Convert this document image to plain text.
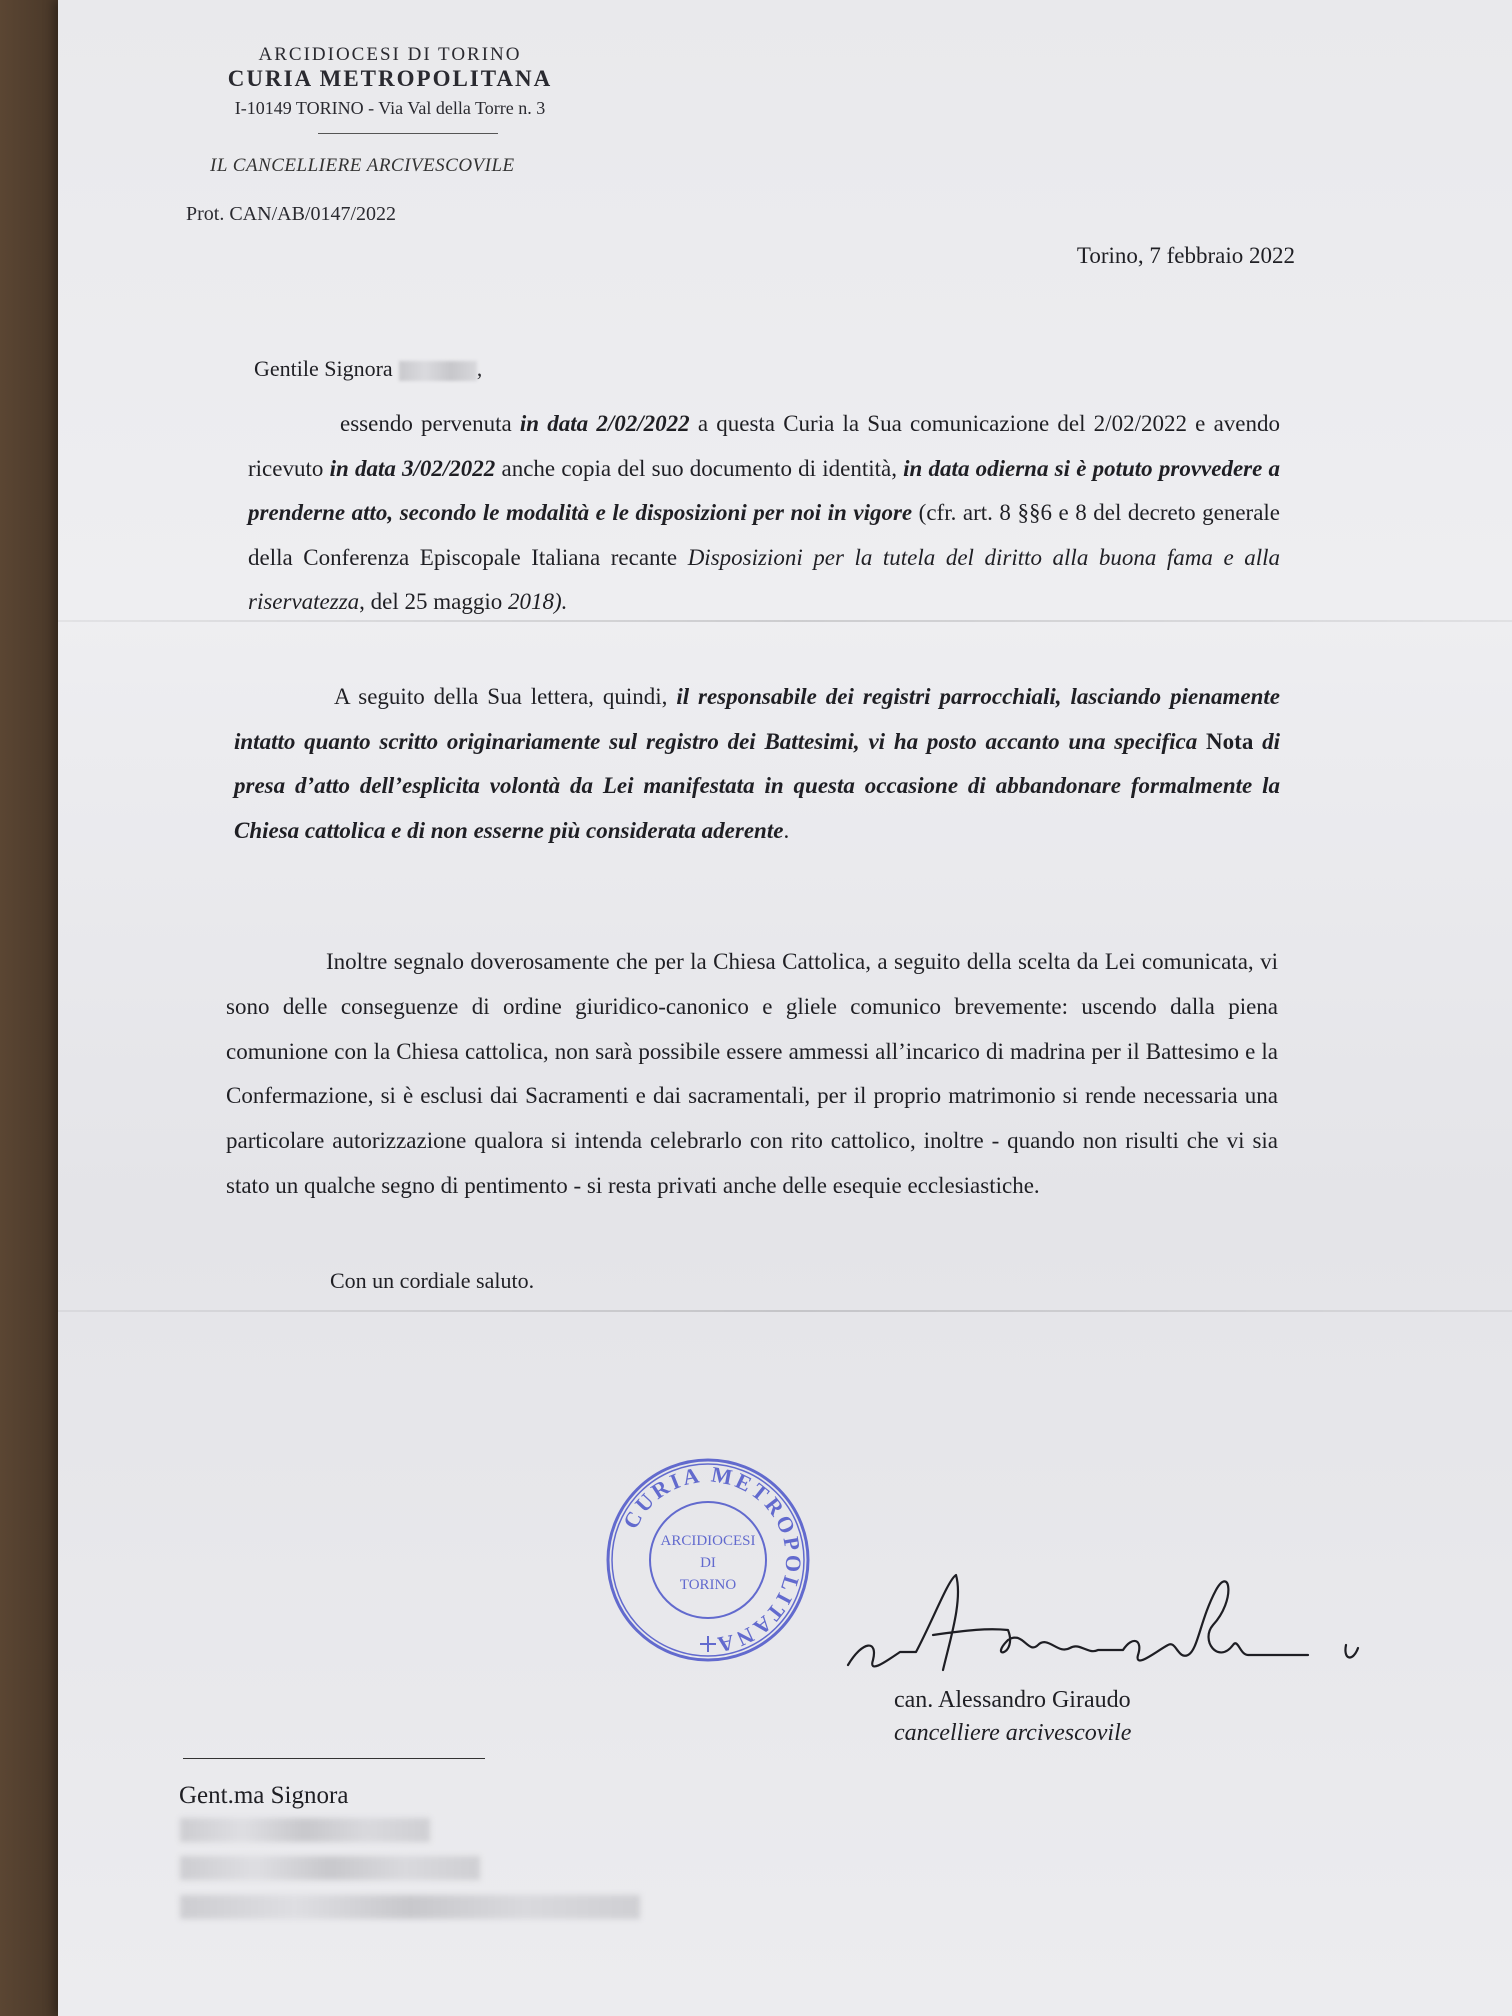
ARCIDIOCESI DI TORINO
CURIA METROPOLITANA
I-10149 TORINO - Via Val della Torre n. 3
IL CANCELLIERE ARCIVESCOVILE
Prot. CAN/AB/0147/2022
Torino, 7 febbraio 2022
Gentile Signora	,

essendo pervenuta in data 2/02/2022 a questa Curia la Sua comunicazione del 2/02/2022 e avendo ricevuto in data 3/02/2022 anche copia del suo documento di identità, in data odierna si è potuto provvedere a prenderne atto, secondo le modalità e le disposizioni per noi in vigore (cfr. art. 8 §§6 e 8 del decreto generale della Conferenza Episcopale Italiana recante Disposizioni per la tutela del diritto alla buona fama e alla riservatezza, del 25 maggio 2018).

A seguito della Sua lettera, quindi, il responsabile dei registri parrocchiali, lasciando pienamente intatto quanto scritto originariamente sul registro dei Battesimi, vi ha posto accanto una specifica Nota di presa d’atto dell’esplicita volontà da Lei manifestata in questa occasione di abbandonare formalmente la Chiesa cattolica e di non esserne più considerata aderente.

Inoltre segnalo doverosamente che per la Chiesa Cattolica, a seguito della scelta da Lei comunicata, vi sono delle conseguenze di ordine giuridico-canonico e gliele comunico brevemente: uscendo dalla piena comunione con la Chiesa cattolica, non sarà possibile essere ammessi all’incarico di madrina per il Battesimo e la Confermazione, si è esclusi dai Sacramenti e dai sacramentali, per il proprio matrimonio si rende necessaria una particolare autorizzazione qualora si intenda celebrarlo con rito cattolico, inoltre - quando non risulti che vi sia stato un qualche segno di pentimento - si resta privati anche delle esequie ecclesiastiche.

Con un cordiale saluto.
CURIA METROPOLITANA
ARCIDIOCESI
DI
TORINO
can. Alessandro Giraudo
cancelliere arcivescovile
Gent.ma Signora
